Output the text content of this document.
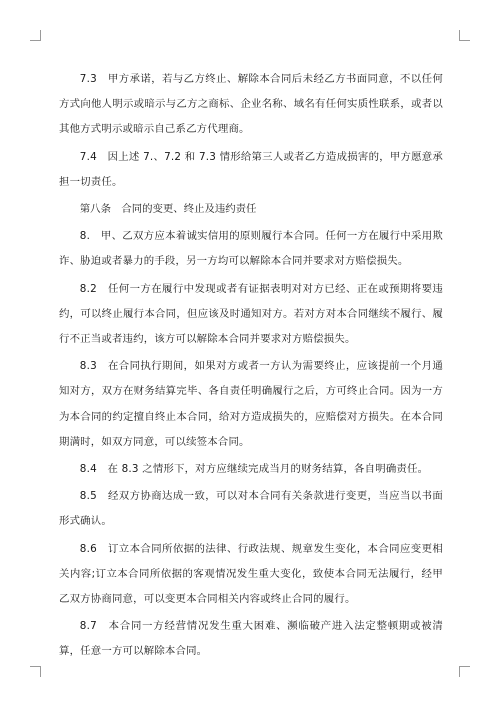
7.3　甲方承诺，若与乙方终止、解除本合同后未经乙方书面同意，不以任何方式向他人明示或暗示与乙方之商标、企业名称、域名有任何实质性联系，或者以其他方式明示或暗示自己系乙方代理商。

7.4　因上述 7.、7.2 和 7.3 情形给第三人或者乙方造成损害的，甲方愿意承担一切责任。

第八条　合同的变更、终止及违约责任

8.　甲、乙双方应本着诚实信用的原则履行本合同。任何一方在履行中采用欺诈、胁迫或者暴力的手段，另一方均可以解除本合同并要求对方赔偿损失。

8.2　任何一方在履行中发现或者有证据表明对对方已经、正在或预期将要违约，可以终止履行本合同，但应该及时通知对方。若对方对本合同继续不履行、履行不正当或者违约，该方可以解除本合同并要求对方赔偿损失。

8.3　在合同执行期间，如果对方或者一方认为需要终止，应该提前一个月通知对方，双方在财务结算完毕、各自责任明确履行之后，方可终止合同。因为一方为本合同的约定擅自终止本合同，给对方造成损失的，应赔偿对方损失。在本合同期满时，如双方同意，可以续签本合同。

8.4　在 8.3 之情形下，对方应继续完成当月的财务结算，各自明确责任。

8.5　经双方协商达成一致，可以对本合同有关条款进行变更，当应当以书面形式确认。

8.6　订立本合同所依据的法律、行政法规、规章发生变化，本合同应变更相关内容;订立本合同所依据的客观情况发生重大变化，致使本合同无法履行，经甲乙双方协商同意，可以变更本合同相关内容或终止合同的履行。

8.7　本合同一方经营情况发生重大困难、濒临破产进入法定整顿期或被清算，任意一方可以解除本合同。
